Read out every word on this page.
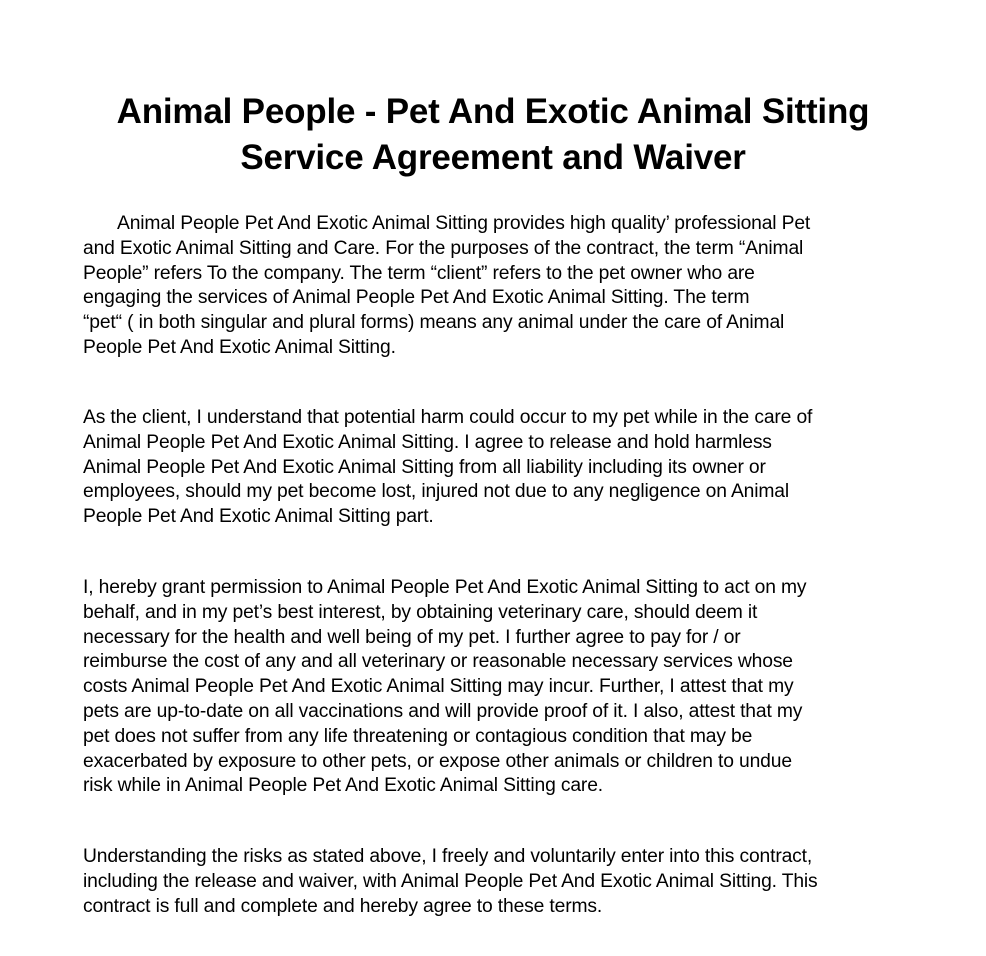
Animal People - Pet And Exotic Animal Sitting
Service Agreement and Waiver

Animal People Pet And Exotic Animal Sitting provides high quality’ professional Pet
and Exotic Animal Sitting and Care. For the purposes of the contract, the term “Animal
People” refers To the company. The term “client” refers to the pet owner who are
engaging the services of Animal People Pet And Exotic Animal Sitting. The term
“pet“ ( in both singular and plural forms) means any animal under the care of Animal
People Pet And Exotic Animal Sitting.

As the client, I understand that potential harm could occur to my pet while in the care of
Animal People Pet And Exotic Animal Sitting. I agree to release and hold harmless
Animal People Pet And Exotic Animal Sitting from all liability including its owner or
employees, should my pet become lost, injured not due to any negligence on Animal
People Pet And Exotic Animal Sitting part.

I, hereby grant permission to Animal People Pet And Exotic Animal Sitting to act on my
behalf, and in my pet’s best interest, by obtaining veterinary care, should deem it
necessary for the health and well being of my pet. I further agree to pay for / or
reimburse the cost of any and all veterinary or reasonable necessary services whose
costs Animal People Pet And Exotic Animal Sitting may incur. Further, I attest that my
pets are up-to-date on all vaccinations and will provide proof of it. I also, attest that my
pet does not suffer from any life threatening or contagious condition that may be
exacerbated by exposure to other pets, or expose other animals or children to undue
risk while in Animal People Pet And Exotic Animal Sitting care.

Understanding the risks as stated above, I freely and voluntarily enter into this contract,
including the release and waiver, with Animal People Pet And Exotic Animal Sitting. This
contract is full and complete and hereby agree to these terms.
